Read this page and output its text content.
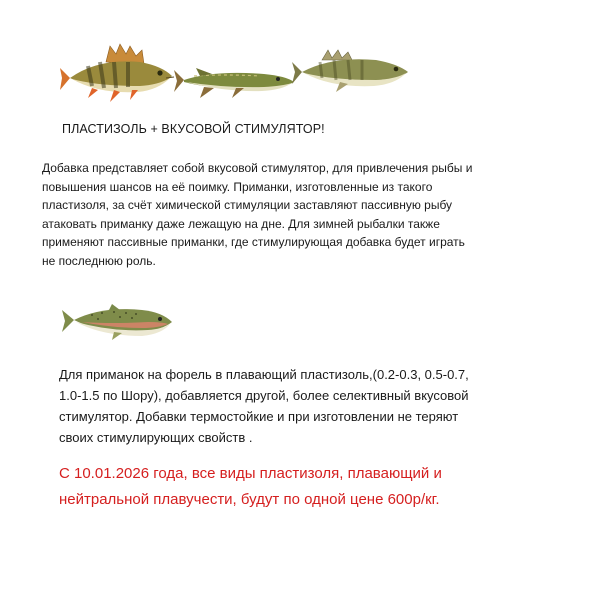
ПЛАСТИЗОЛЬ + ВКУСОВОЙ СТИМУЛЯТОР!
Добавка представляет собой вкусовой стимулятор, для привлечения рыбы и
повышения шансов на её поимку. Приманки, изготовленные из такого
пластизоля, за счёт химической стимуляции заставляют пассивную рыбу
атаковать приманку даже лежащую на дне. Для зимней рыбалки также
применяют пассивные приманки, где стимулирующая добавка будет играть
не последнюю роль.
Для приманок на форель в плавающий пластизоль,(0.2-0.3, 0.5-0.7,
1.0-1.5 по Шору), добавляется другой, более селективный вкусовой
стимулятор. Добавки термостойкие и при изготовлении не теряют
своих стимулирующих свойств .
С 10.01.2026 года, все виды пластизоля, плавающий и
нейтральной плавучести, будут по одной цене 600р/кг.
